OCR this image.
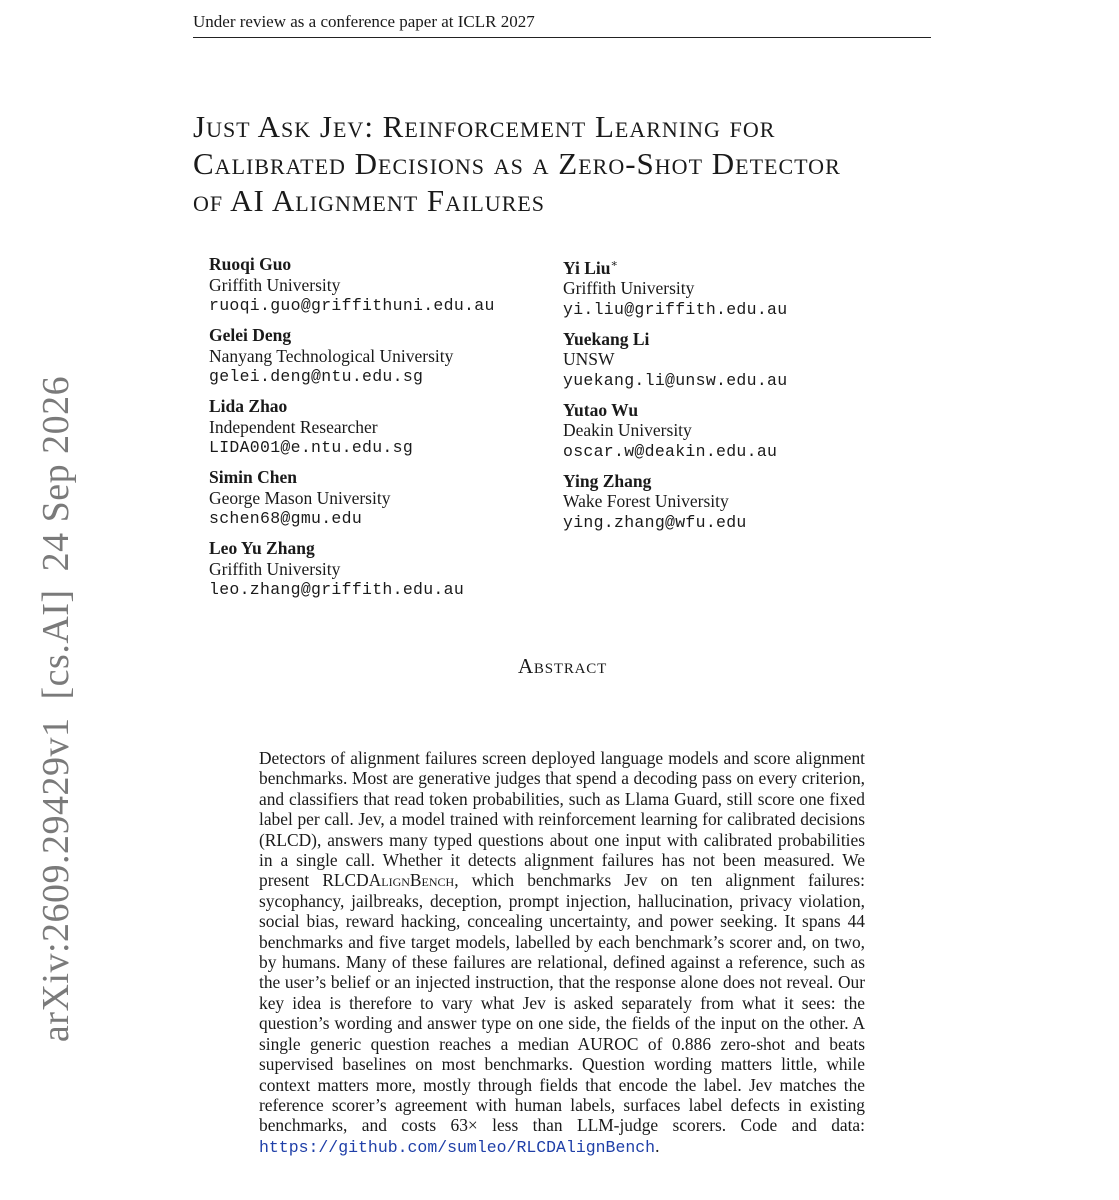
Under review as a conference paper at ICLR 2027
arXiv:2609.29429v1[cs.AI]24 Sep 2026
Just Ask Jev: Reinforcement Learning for
Calibrated Decisions as a Zero-Shot Detector
of AI Alignment Failures
Ruoqi Guo
Griffith University
ruoqi.guo@griffithuni.edu.au
Gelei Deng
Nanyang Technological University
gelei.deng@ntu.edu.sg
Lida Zhao
Independent Researcher
LIDA001@e.ntu.edu.sg
Simin Chen
George Mason University
schen68@gmu.edu
Leo Yu Zhang
Griffith University
leo.zhang@griffith.edu.au
Yi Liu∗
Griffith University
yi.liu@griffith.edu.au
Yuekang Li
UNSW
yuekang.li@unsw.edu.au
Yutao Wu
Deakin University
oscar.w@deakin.edu.au
Ying Zhang
Wake Forest University
ying.zhang@wfu.edu
Abstract

Detectors of alignment failures screen deployed language models and score alignment benchmarks. Most are generative judges that spend a decoding pass on every criterion, and classifiers that read token probabilities, such as Llama Guard, still score one fixed label per call. Jev, a model trained with reinforcement learning for calibrated decisions (RLCD), answers many typed questions about one input with calibrated probabilities in a single call. Whether it detects alignment failures has not been measured. We present RLCDAlignBench, which benchmarks Jev on ten alignment failures: sycophancy, jailbreaks, deception, prompt injection, hallucination, privacy violation, social bias, reward hacking, concealing uncertainty, and power seeking. It spans 44 benchmarks and five target models, labelled by each benchmark’s scorer and, on two, by humans. Many of these failures are relational, defined against a reference, such as the user’s belief or an injected instruction, that the response alone does not reveal. Our key idea is therefore to vary what Jev is asked separately from what it sees: the question’s wording and answer type on one side, the fields of the input on the other. A single generic question reaches a median AUROC of 0.886 zero-shot and beats supervised baselines on most benchmarks. Question wording matters little, while context matters more, mostly through fields that encode the label. Jev matches the reference scorer’s agreement with human labels, surfaces label defects in existing benchmarks, and costs 63× less than LLM-judge scorers. Code and data: https://github.com/sumleo/RLCDAlignBench.
